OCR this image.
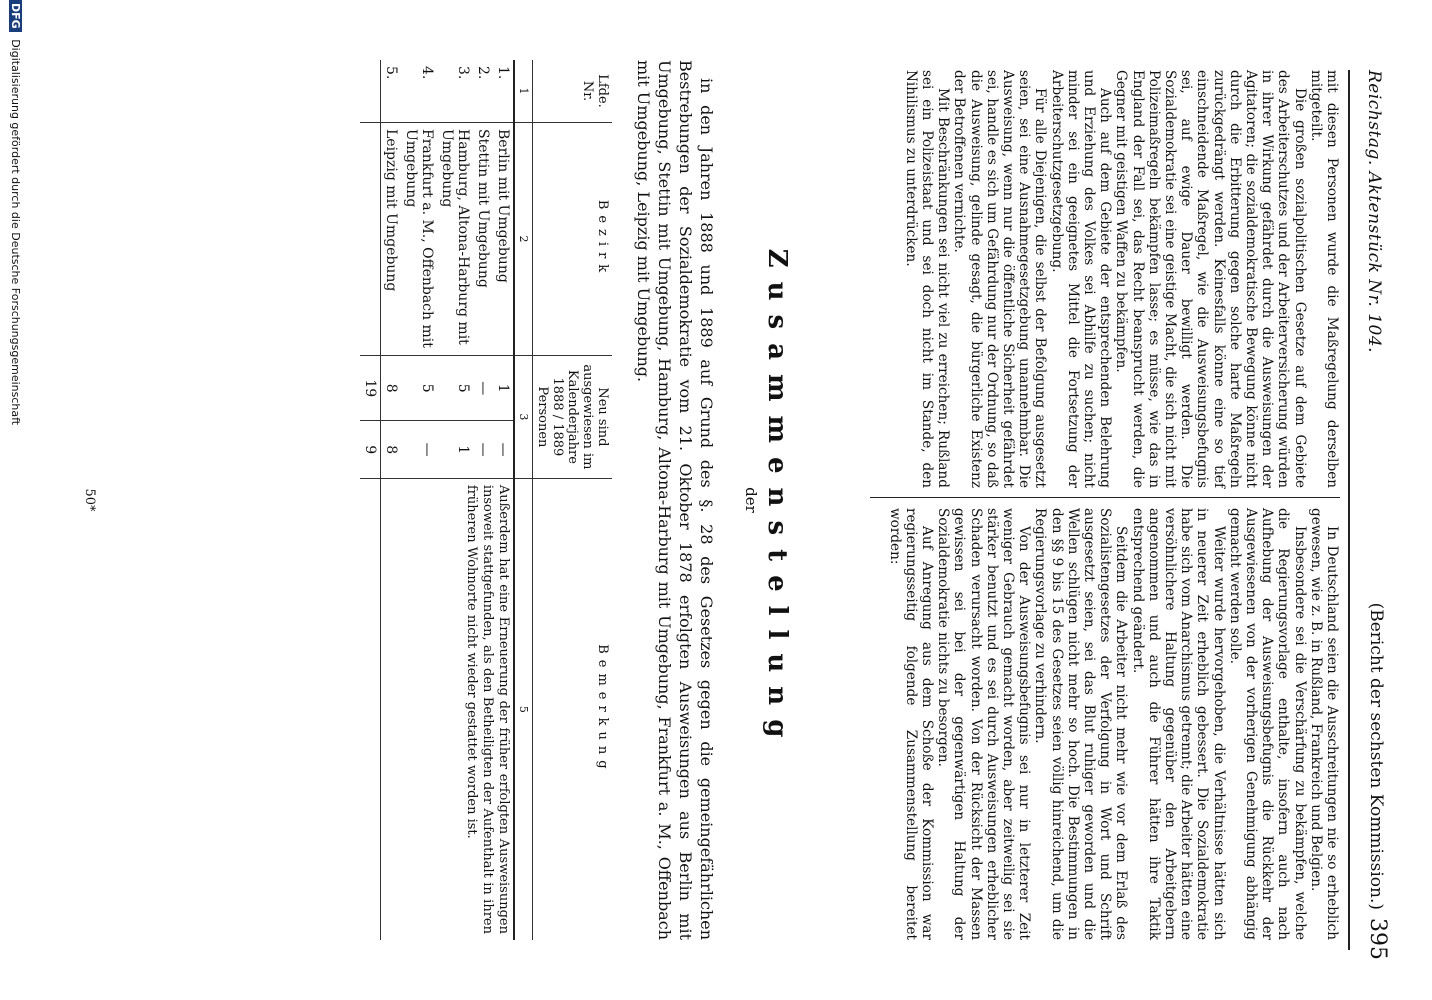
Reichstag. Aktenstück Nr. 104.
(Bericht der sechsten Kommission.)
395

mit diesen Personen wurde die Maßregelung derselben mitgeteilt.

Die großen sozialpolitischen Gesetze auf dem Gebiete des Arbeiterschutzes und der Arbeiterversicherung würden in ihrer Wirkung gefährdet durch die Ausweisungen der Agitatoren; die sozialdemokratische Bewegung könne nicht durch die Erbitterung gegen solche harte Maßregeln zurückgedrängt werden. Keinesfalls könne eine so tief einschneidende Maßregel, wie die Ausweisungsbefugnis sei, auf ewige Dauer bewilligt werden. Die Sozialdemokratie sei eine geistige Macht, die sich nicht mit Polizeimaßregeln bekämpfen lasse; es müsse, wie das in England der Fall sei, das Recht beansprucht werden, die Gegner mit geistigen Waffen zu bekämpfen.

Auch auf dem Gebiete der entsprechenden Belehrung und Erziehung des Volkes sei Abhilfe zu suchen; nicht minder sei ein geeignetes Mittel die Fortsetzung der Arbeiterschutzgesetzgebung.

Für alle Diejenigen, die selbst der Befolgung ausgesetzt seien, sei eine Ausnahmegesetzgebung unannehmbar. Die Ausweisung, wenn nur die öffentliche Sicherheit gefährdet sei, handle es sich um Gefährdung nur der Ordnung, so daß die Ausweisung, gelinde gesagt, die bürgerliche Existenz der Betroffenen vernichte.

Mit Beschränkungen sei nicht viel zu erreichen; Rußland sei ein Polizeistaat und sei doch nicht im Stande, den Nihilismus zu unterdrücken.

In Deutschland seien die Ausschreitungen nie so erheblich gewesen, wie z. B. in Rußland, Frankreich und Belgien.

Insbesondere sei die Verschärfung zu bekämpfen, welche die Regierungsvorlage enthalte, insofern auch nach Aufhebung der Ausweisungsbefugnis die Rückkehr der Ausgewiesenen von der vorherigen Genehmigung abhängig gemacht werden solle.

Weiter wurde hervorgehoben, die Verhältnisse hätten sich in neuerer Zeit erheblich gebessert. Die Sozialdemokratie habe sich vom Anarchismus getrennt; die Arbeiter hätten eine versöhnlichere Haltung gegenüber den Arbeitgebern angenommen und auch die Führer hätten ihre Taktik entsprechend geändert.

Seitdem die Arbeiter nicht mehr wie vor dem Erlaß des Sozialistengesetzes der Verfolgung in Wort und Schrift ausgesetzt seien, sei das Blut ruhiger geworden und die Wellen schlügen nicht mehr so hoch. Die Bestimmungen in den §§ 9 bis 15 des Gesetzes seien völlig hinreichend, um die Regierungsvorlage zu verhindern.

Von der Ausweisungsbefugnis sei nur in letzterer Zeit weniger Gebrauch gemacht worden, aber zeitweilig sei sie stärker benutzt und es sei durch Ausweisungen erheblicher Schaden verursacht worden. Von der Rücksicht der Massen gewissen sei bei der gegenwärtigen Haltung der Sozialdemokratie nichts zu besorgen.

Auf Anregung aus dem Schoße der Kommission war regierungsseitig folgende Zusammenstellung bereitet worden:

Zusammenstellung
der
in den Jahren 1888 und 1889 auf Grund des §. 28 des Gesetzes gegen die gemeingefährlichen Bestrebungen der Sozialdemokratie vom 21. Oktober 1878 erfolgten Ausweisungen aus Berlin mit Umgebung, Stettin mit Umgebung, Hamburg, Altona-Harburg mit Umgebung, Frankfurt a. M., Offenbach mit Umgebung, Leipzig mit Umgebung.
Lfde. Nr.	Bezirk	Neu sind ausgewiesen im Kalenderjahre 1888 / 1889 Personen		Bemerkung
1	2	3		5
1.	Berlin mit Umgebung	1	—	Außerdem hat eine Erneuerung der früher erfolgten Ausweisungen insoweit stattgefunden, als den Betheiligten der Aufenthalt in ihren früheren Wohnorte nicht wieder gestattet worden ist.
2.	Stettin mit Umgebung	—	—	
3.	Hamburg, Altona-Harburg mit Umgebung	5	1	
4.	Frankfurt a. M., Offenbach mit Umgebung	5	—	
5.	Leipzig mit Umgebung	8	8	
		19	9	
50*
DFG Digitalisierung gefördert durch die Deutsche Forschungsgemeinschaft
